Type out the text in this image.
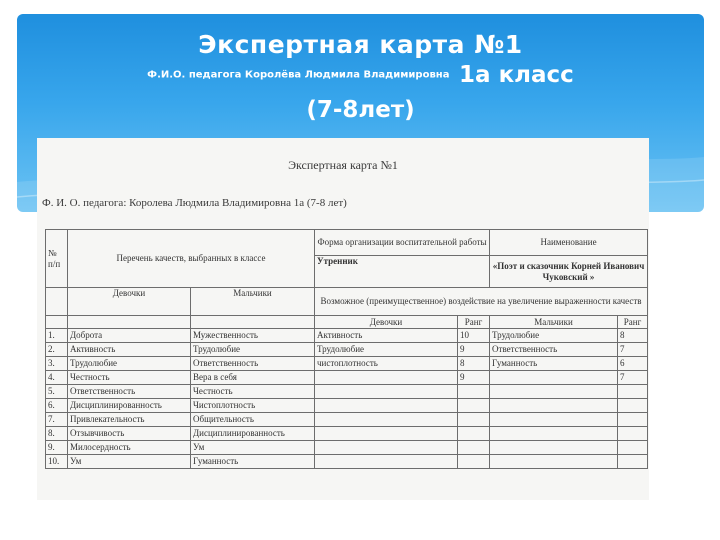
Экспертная карта №1
Ф.И.О. педагога Королёва Людмила Владимировна 1а класс
(7-8лет)
Экспертная карта №1
Ф. И. О. педагога: Королева Людмила Владимировна 1а (7-8 лет)
№ п/п	Перечень качеств, выбранных в классе		Форма организации воспитательной работы		Наименование	
			Утренник		«Поэт и сказочник Корней Иванович Чуковский »	
	Девочки	Мальчики	Возможное (преимущественное) воздействие на увеличение выраженности качеств			
			Девочки	Ранг	Мальчики	Ранг
1.	Доброта	Мужественность	Активность	10	Трудолюбие	8
2.	Активность	Трудолюбие	Трудолюбие	9	Ответственность	7
3.	Трудолюбие	Ответственность	чистоплотность	8	Гуманность	6
4.	Честность	Вера в себя		9		7
5.	Ответственность	Честность				
6.	Дисциплинированность	Чистоплотность				
7.	Привлекательность	Общительность				
8.	Отзывчивость	Дисциплинированность				
9.	Милосердность	Ум				
10.	Ум	Гуманность				
